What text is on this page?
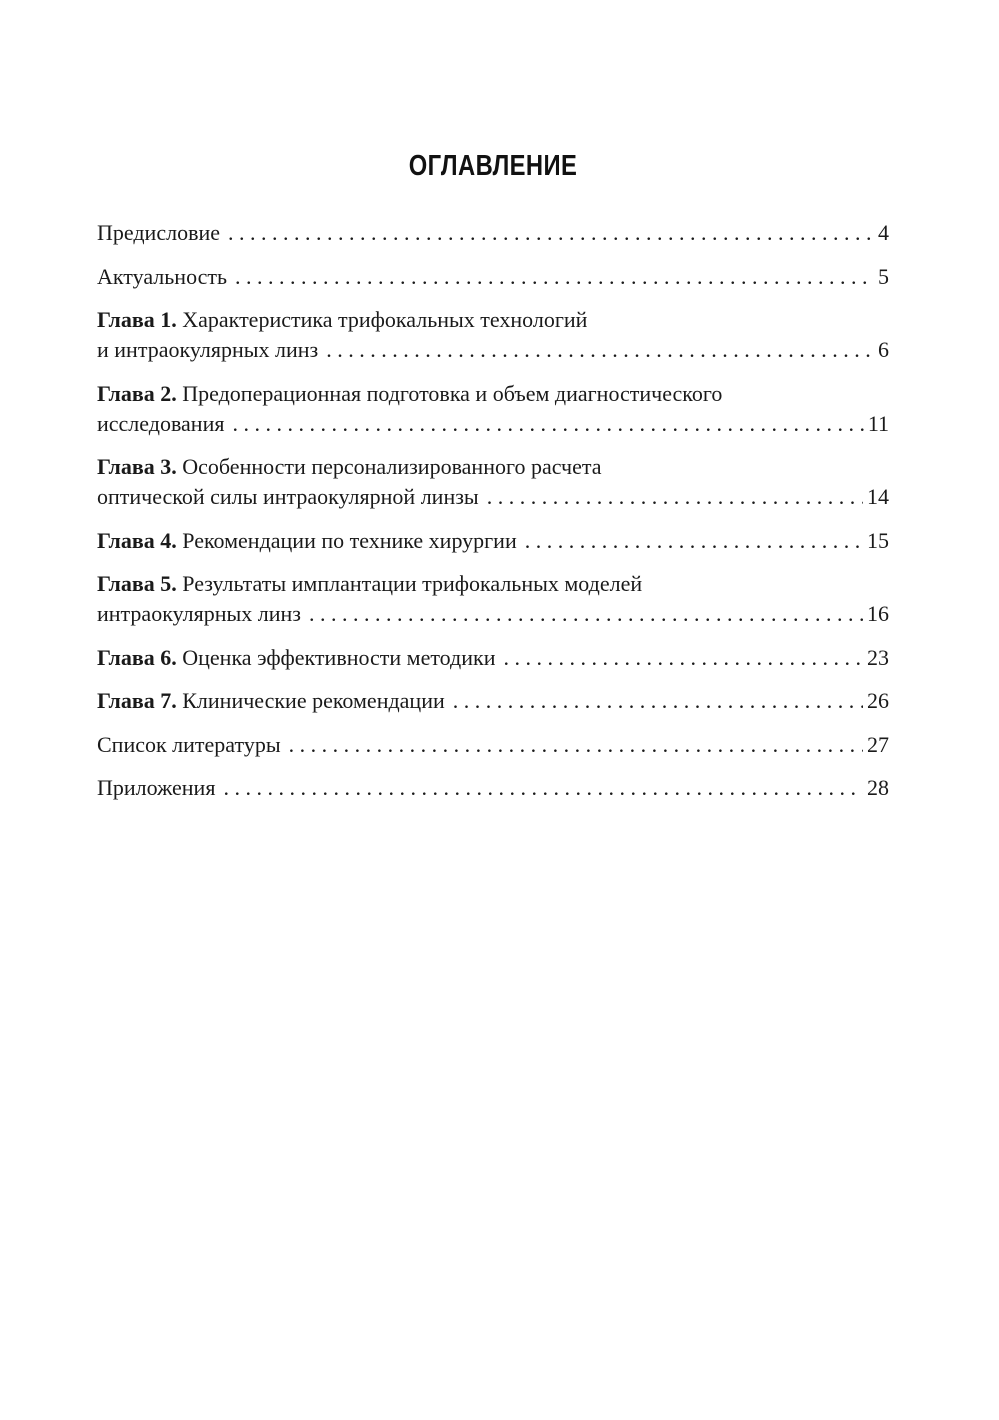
ОГЛАВЛЕНИЕ
Предисловие . . .	4
Актуальность . . .	5
Глава 1. Характеристика трифокальных технологий
и интраокулярных линз . . .	6
Глава 2. Предоперационная подготовка и объем диагностического
исследования . . .	11
Глава 3. Особенности персонализированного расчета
оптической силы интраокулярной линзы . . .	14
Глава 4. Рекомендации по технике хирургии . . .	15
Глава 5. Результаты имплантации трифокальных моделей
интраокулярных линз . . .	16
Глава 6. Оценка эффективности методики . . .	23
Глава 7. Клинические рекомендации . . .	26
Список литературы . . .	27
Приложения . . .	28
